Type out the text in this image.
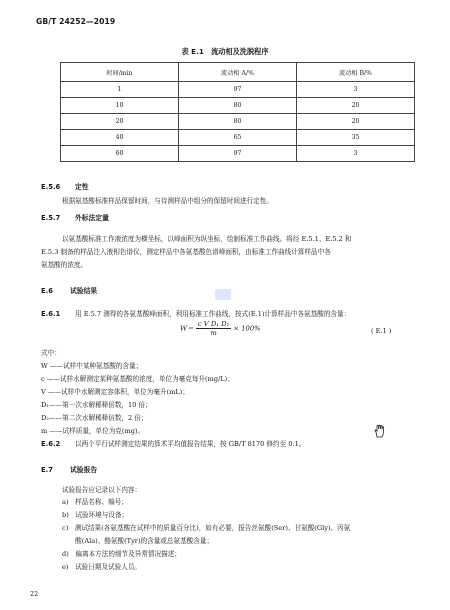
GB/T 24252—2019
表 E.1　流动相及洗脱程序
时间/min	流动相 A/%	流动相 B/%
1	97	3
10	80	20
20	80	20
40	65	35
60	97	3
E.5.6 定性
根据氨基酸标准样品保留时间，与待测样品中组分的保留时间进行定性。
E.5.7 外标法定量
以氨基酸标准工作液浓度为横坐标，以峰面积为纵坐标，绘制标准工作曲线。将经 E.5.1、E.5.2 和
E.5.3 制备的样品注入液相色谱仪，测定样品中各氨基酸色谱峰面积，由标准工作曲线计算样品中各
氨基酸的浓度。
E.6	试验结果
E.6.1 用 E.5.7 测得的各氨基酸峰面积，利用标准工作曲线，按式(E.1)计算样品中各氨基酸的含量：
$W= \frac{\text{c V D₁ D₂}}{m} \times 100\%$	( E.1 )
式中：
W ——试样中某种氨基酸的含量；
c ——试样水解测定某种氨基酸的浓度，单位为毫克每升(mg/L)；
V ——试样中水解测定容体积，单位为毫升(mL)；
D₁——第一次水解稀释倍数，10 倍；
D₂——第二次水解稀释倍数，2 倍；
m ——试样质量，单位为克(mg)。
E.6.2 以两个平行试样测定结果的算术平均值报告结果，按 GB/T 8170 修约至 0.1。
E.7	试验报告
试验报告应记录以下内容：
a)　样品名称、编号；
b)　试验环境与设备；
c)　测试结果(各氨基酸在试样中的质量百分比)，如有必要，报告丝氨酸(Ser)、甘氨酸(Gly)、丙氨
　　酸(Ala)、酪氨酸(Tyr)的含量或总氨基酸含量；
d)　偏离本方法的细节及异常情况描述；
e)　试验日期及试验人员。
22
